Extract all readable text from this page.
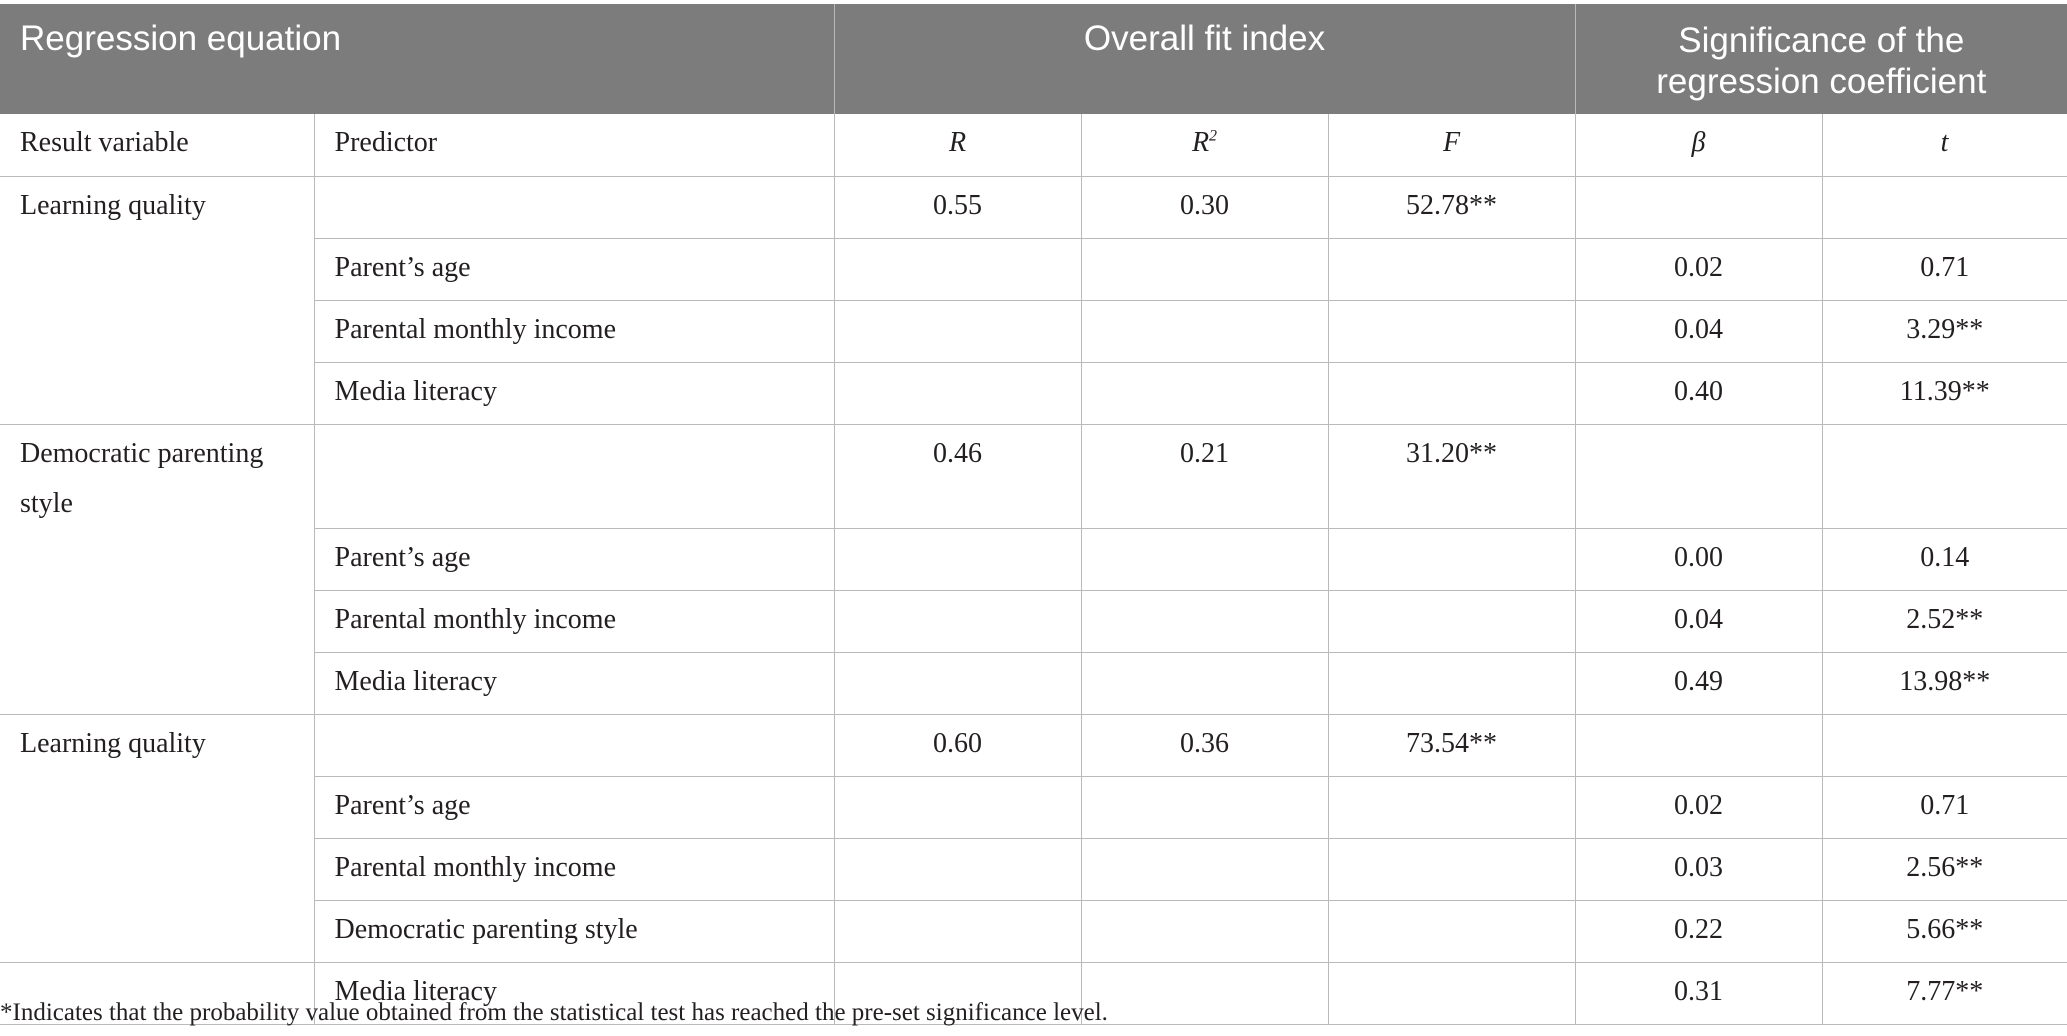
Regression equation		Overall fit index			Significance of the regression coefficient	
Result variable	Predictor	R	$R^2$	F	β	t
Learning quality		0.55	0.30	52.78**		
	Parent’s age				0.02	0.71
	Parental monthly income				0.04	3.29**
	Media literacy				0.40	11.39**
Democratic parenting style		0.46	0.21	31.20**		
	Parent’s age				0.00	0.14
	Parental monthly income				0.04	2.52**
	Media literacy				0.49	13.98**
Learning quality		0.60	0.36	73.54**		
	Parent’s age				0.02	0.71
	Parental monthly income				0.03	2.56**
	Democratic parenting style				0.22	5.66**
	Media literacy				0.31	7.77**
*Indicates that the probability value obtained from the statistical test has reached the pre-set significance level.
